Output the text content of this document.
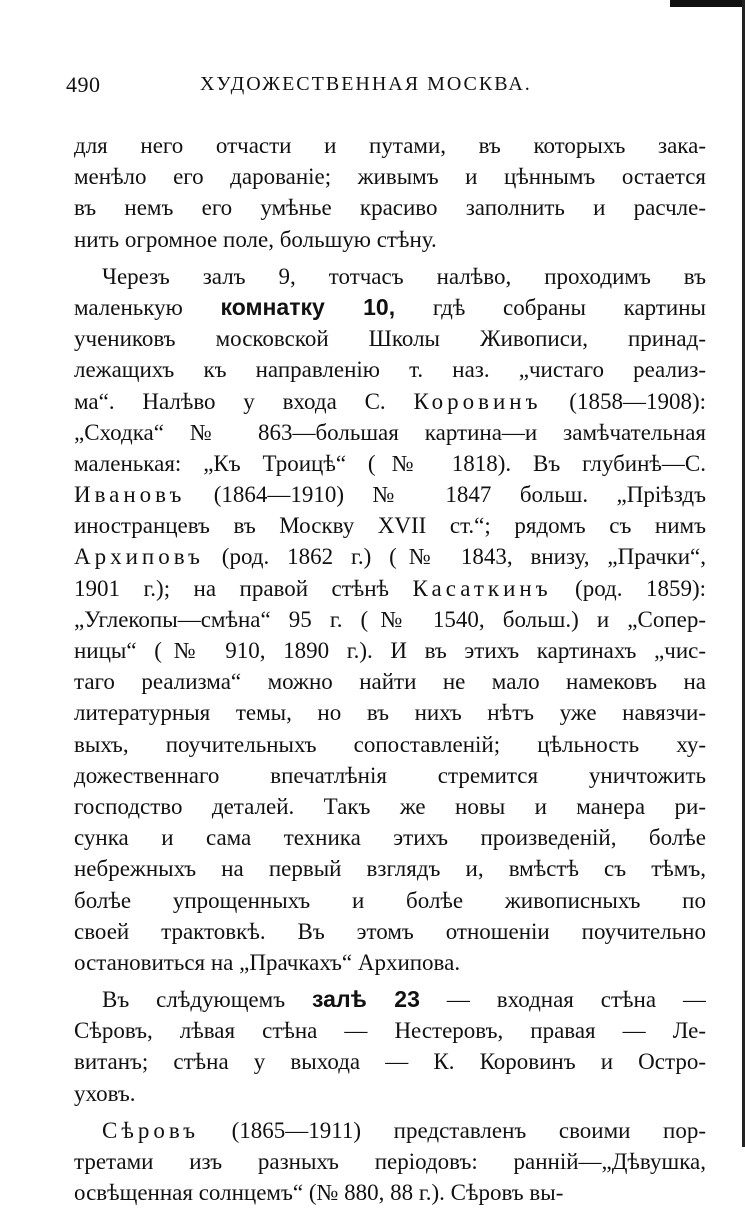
490	ХУДОЖЕСТВЕННАЯ МОСКВА.
для него отчасти и путами, въ которыхъ зака-
менѣло его дарованіе; живымъ и цѣннымъ остается
въ немъ его умѣнье красиво заполнить и расчле-
нить огромное поле, большую стѣну.
Черезъ залъ 9, тотчасъ налѣво, проходимъ въ
маленькую комнатку 10, гдѣ собраны картины
учениковъ московской Школы Живописи, принад-
лежащихъ къ направленію т. наз. „чистаго реализ-
ма“. Налѣво у входа С. Коровинъ (1858—1908):
„Сходка“ № 863—большая картина—и замѣчательная
маленькая: „Къ Троицѣ“ (№ 1818). Въ глубинѣ—С.
Ивановъ (1864—1910) № 1847 больш. „Пріѣздъ
иностранцевъ въ Москву XVII ст.“; рядомъ съ нимъ
Архиповъ (род. 1862 г.) (№ 1843, внизу, „Прачки“,
1901 г.); на правой стѣнѣ Касаткинъ (род. 1859):
„Углекопы—смѣна“ 95 г. (№ 1540, больш.) и „Сопер-
ницы“ (№ 910, 1890 г.). И въ этихъ картинахъ „чис-
таго реализма“ можно найти не мало намековъ на
литературныя темы, но въ нихъ нѣтъ уже навязчи-
выхъ, поучительныхъ сопоставленій; цѣльность ху-
дожественнаго впечатлѣнія стремится уничтожить
господство деталей. Такъ же новы и манера ри-
сунка и сама техника этихъ произведеній, болѣе
небрежныхъ на первый взглядъ и, вмѣстѣ съ тѣмъ,
болѣе упрощенныхъ и болѣе живописныхъ по
своей трактовкѣ. Въ этомъ отношеніи поучительно
остановиться на „Прачкахъ“ Архипова.
Въ слѣдующемъ залѣ 23 — входная стѣна —
Сѣровъ, лѣвая стѣна — Нестеровъ, правая — Ле-
витанъ; стѣна у выхода — К. Коровинъ и Остро-
уховъ.
Сѣровъ (1865—1911) представленъ своими пор-
третами изъ разныхъ періодовъ: ранній—„Дѣвушка,
освѣщенная солнцемъ“ (№ 880, 88 г.). Сѣровъ вы-
